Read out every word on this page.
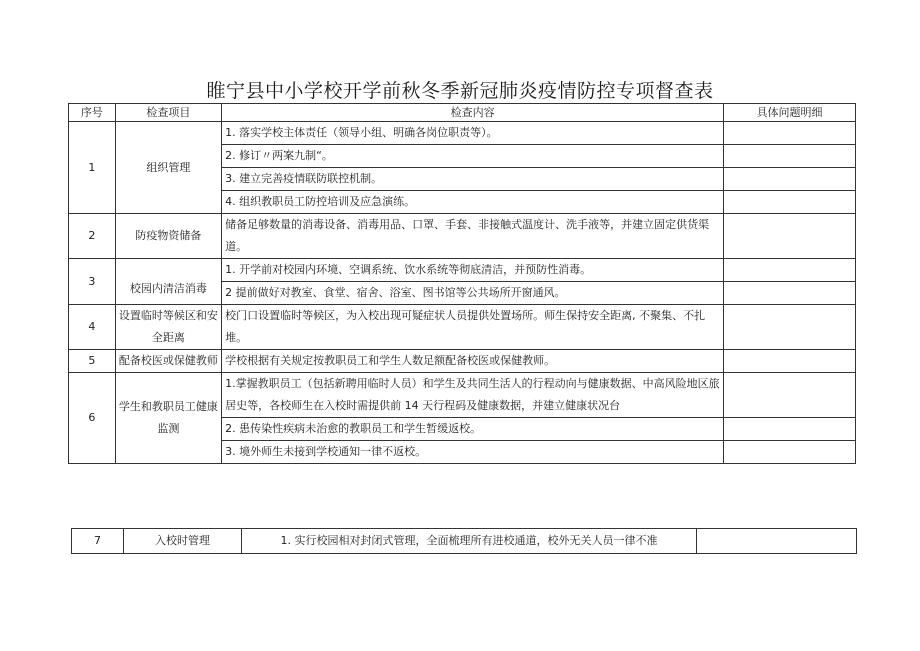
睢宁县中小学校开学前秋冬季新冠肺炎疫情防控专项督查表
序号	检查项目	检查内容	具体问题明细
1	组织管理	1. 落实学校主体责任（领导小组、明确各岗位职责等）。	
		2. 修订〃两案九制“。	
		3. 建立完善疫情联防联控机制。	
		4. 组织教职员工防控培训及应急演练。	
2	防疫物资储备	储备足够数量的消毒设备、消毒用品、口罩、手套、非接触式温度计、洗手液等，并建立固定供货渠道。	
3	校园内清洁消毒	1. 开学前对校园内环境、空调系统、饮水系统等彻底清洁，并预防性消毒。	
		2 提前做好对教室、食堂、宿舍、浴室、图书馆等公共场所开窗通风。	
4	设置临时等候区和安全距离	校门口设置临时等候区，为入校出现可疑症状人员提供处置场所。师生保持安全距离, 不聚集、不扎堆。	
5	配备校医或保健教师	学校根据有关规定按教职员工和学生人数足额配备校医或保健教师。	
6	学生和教职员工健康监测	1.掌握教职员工（包括新聘用临时人员）和学生及共同生活人的行程动向与健康数据、中高风险地区旅居史等，各校师生在入校时需提供前 14 天行程码及健康数据，并建立健康状况台	
		2. 患传染性疾病未治愈的教职员工和学生暂缓返校。	
		3. 境外师生未接到学校通知一律不返校。	
7	入校时管理	1. 实行校园相对封闭式管理，全面梳理所有进校通道，校外无关人员一律不准	
